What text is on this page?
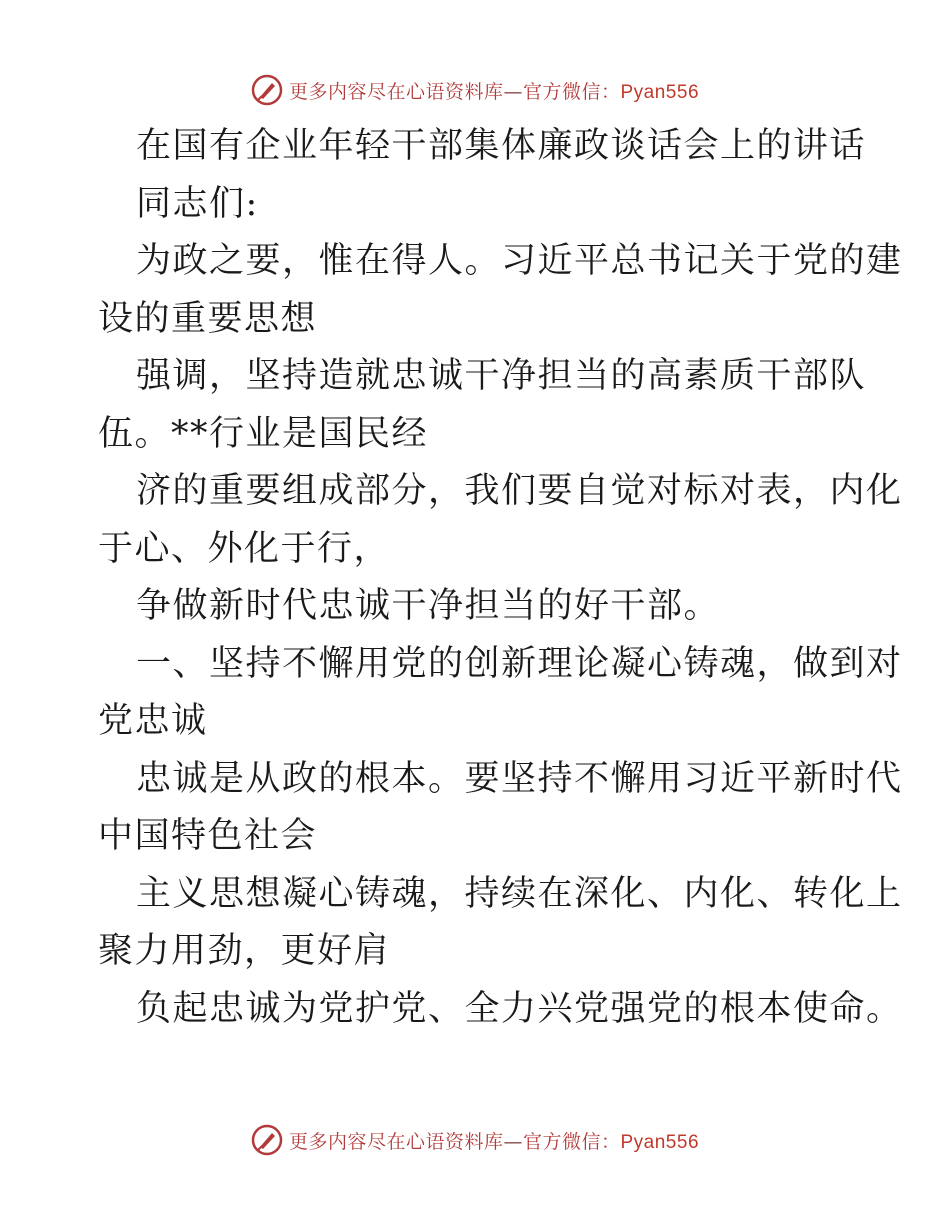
更多内容尽在心语资料库—官方微信：Pyan556
在国有企业年轻干部集体廉政谈话会上的讲话
同志们:
为政之要，惟在得人。习近平总书记关于党的建
设的重要思想
强调，坚持造就忠诚干净担当的高素质干部队
伍。**行业是国民经
济的重要组成部分，我们要自觉对标对表，内化
于心、外化于行，
争做新时代忠诚干净担当的好干部。
一、坚持不懈用党的创新理论凝心铸魂，做到对
党忠诚
忠诚是从政的根本。要坚持不懈用习近平新时代
中国特色社会
主义思想凝心铸魂，持续在深化、内化、转化上
聚力用劲，更好肩
负起忠诚为党护党、全力兴党强党的根本使命。
更多内容尽在心语资料库—官方微信：Pyan556
